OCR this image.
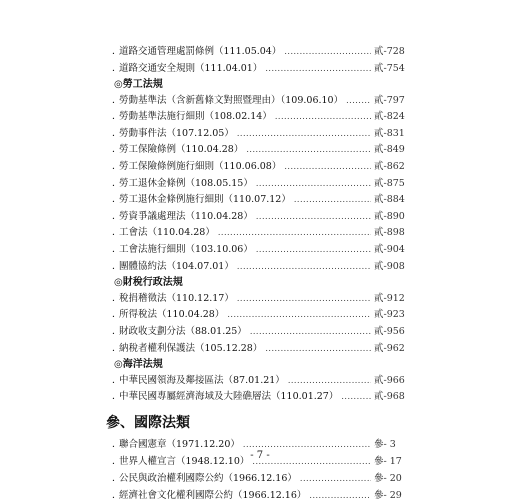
．
道路交通管理處罰條例（111.05.04） .....	貳-728
．
道路交通安全規則（111.04.01） .....	貳-754
◎勞工法規
．
勞動基準法（含新舊條文對照暨理由）（109.06.10） .....	貳-797
．
勞動基準法施行細則（108.02.14） .....	貳-824
．
勞動事件法（107.12.05） .....	貳-831
．
勞工保險條例（110.04.28） .....	貳-849
．
勞工保險條例施行細則（110.06.08） .....	貳-862
．
勞工退休金條例（108.05.15） .....	貳-875
．
勞工退休金條例施行細則（110.07.12） .....	貳-884
．
勞資爭議處理法（110.04.28） .....	貳-890
．
工會法（110.04.28） .....	貳-898
．
工會法施行細則（103.10.06） .....	貳-904
．
團體協約法（104.07.01） .....	貳-908
◎財稅行政法規
．
稅捐稽徵法（110.12.17） .....	貳-912
．
所得稅法（110.04.28） .....	貳-923
．
財政收支劃分法（88.01.25） .....	貳-956
．
納稅者權利保護法（105.12.28） .....	貳-962
◎海洋法規
．
中華民國領海及鄰接區法（87.01.21） .....	貳-966
．
中華民國專屬經濟海域及大陸礁層法（110.01.27） .....	貳-968
參、國際法類
．
聯合國憲章（1971.12.20） .....	參- 3
．
世界人權宣言（1948.12.10） .....	參- 17
．
公民與政治權利國際公約（1966.12.16） .....	參- 20
．
經濟社會文化權利國際公約（1966.12.16） .....	參- 29
- 7 -
